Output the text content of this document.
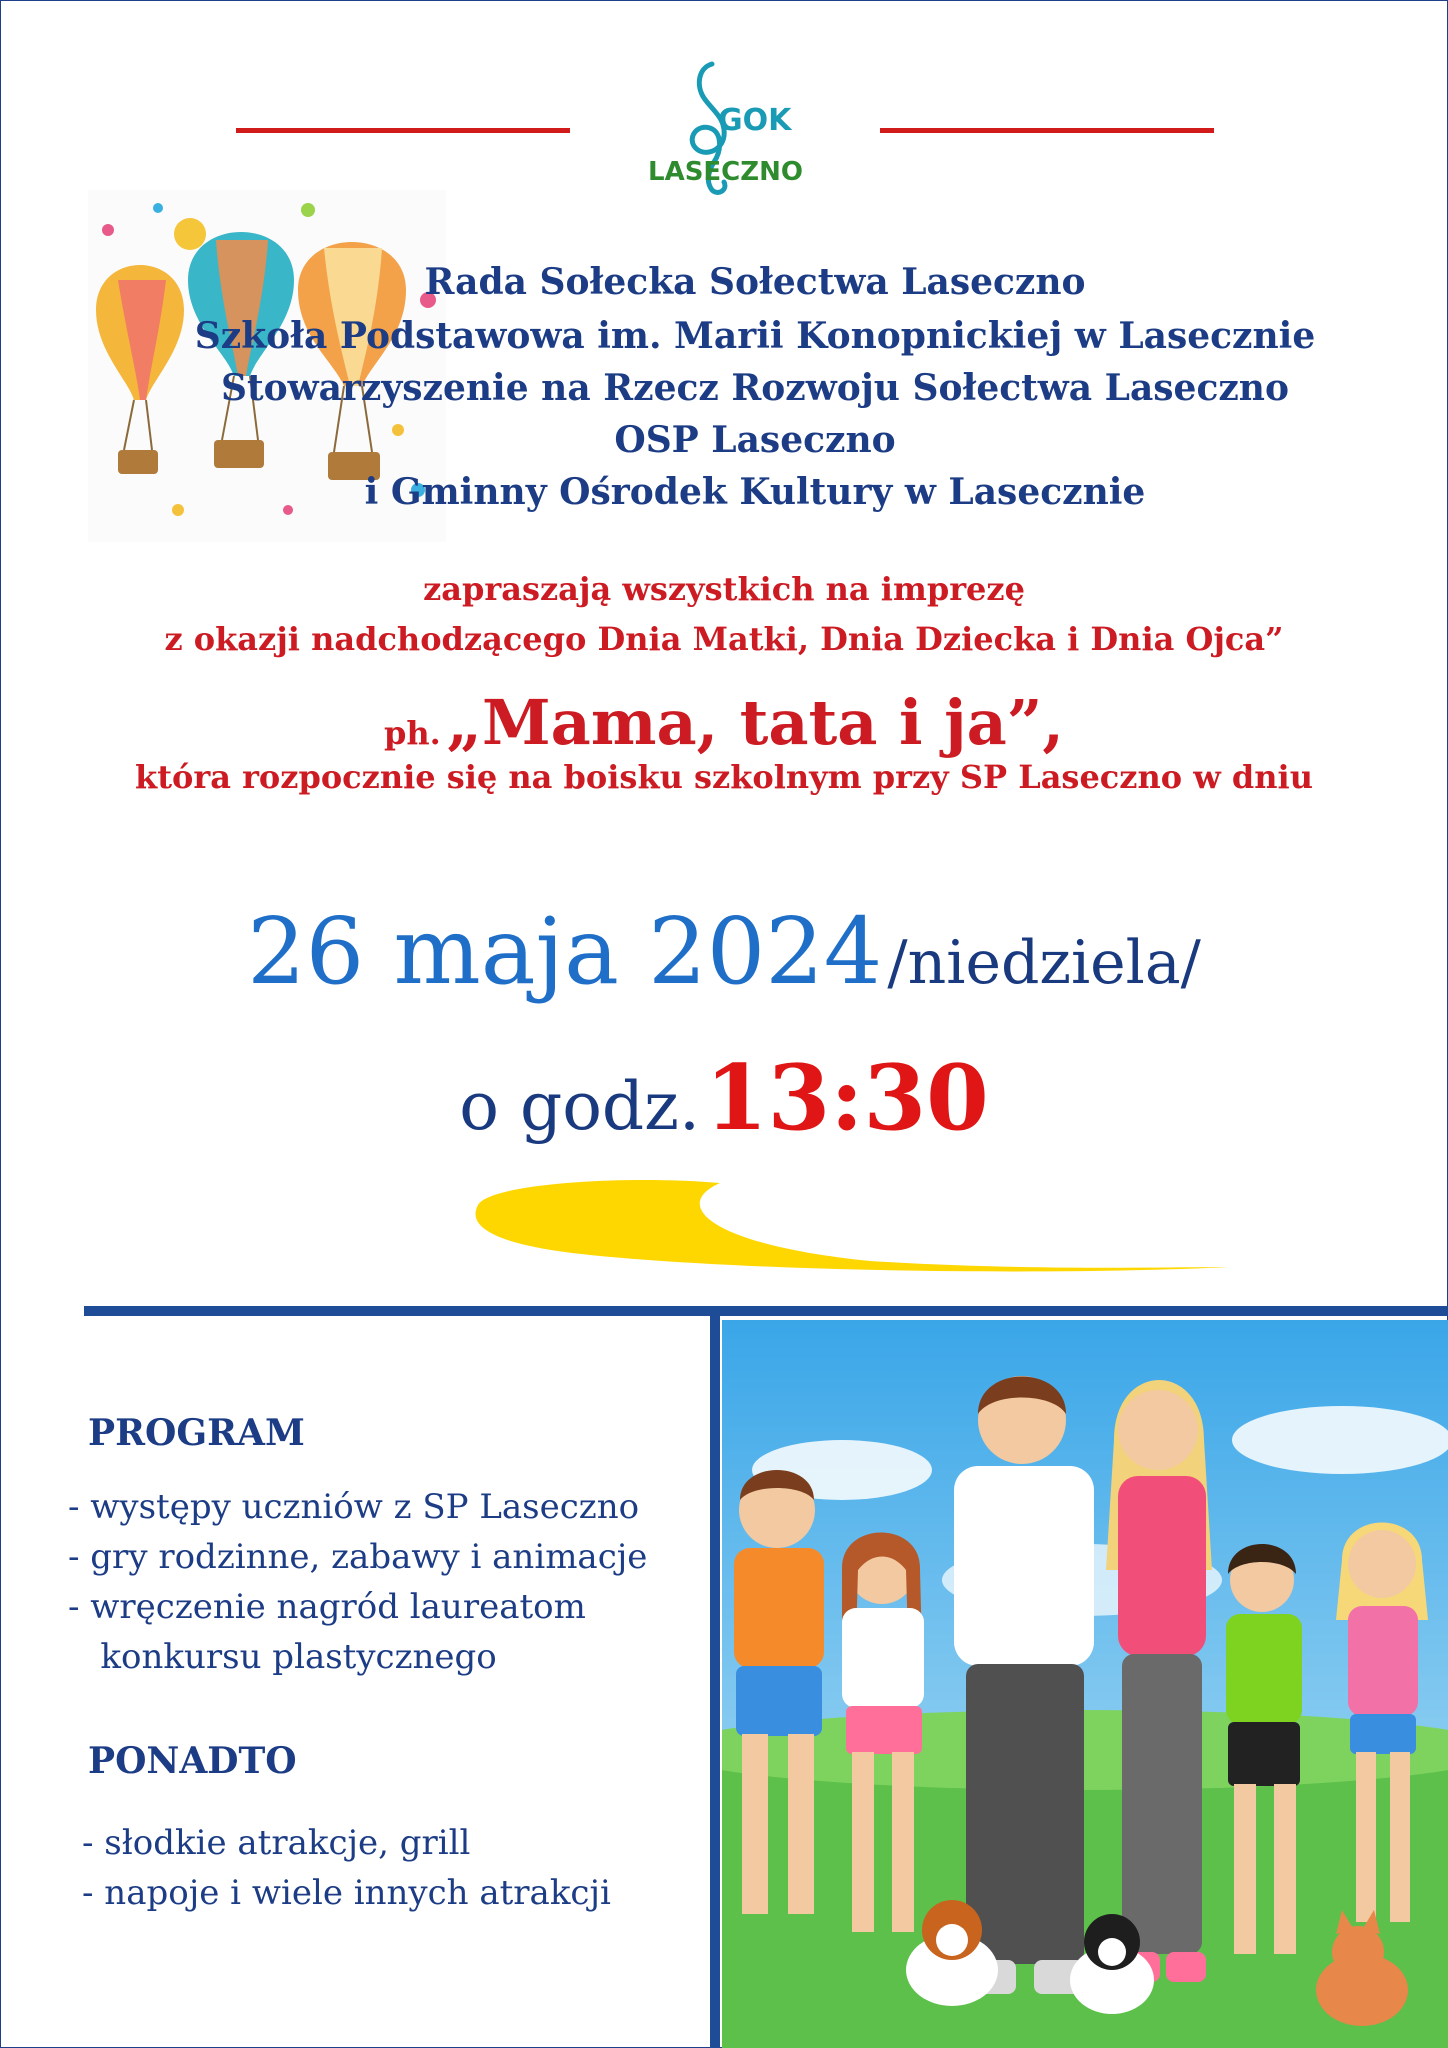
GOK
LASECZNO
Rada Sołecka Sołectwa Laseczno
Szkoła Podstawowa im. Marii Konopnickiej w Lasecznie
Stowarzyszenie na Rzecz Rozwoju Sołectwa Laseczno
OSP Laseczno
i Gminny Ośrodek Kultury w Lasecznie
zapraszają wszystkich na imprezę
z okazji nadchodzącego Dnia Matki, Dnia Dziecka i Dnia Ojca”
ph. „Mama, tata i ja”,
która rozpocznie się na boisku szkolnym przy SP Laseczno w dniu
26 maja 2024 /niedziela/
o godz. 13:30
PROGRAM
- występy uczniów z SP Laseczno
- gry rodzinne, zabawy i animacje
- wręczenie nagród laureatom
konkursu plastycznego
PONADTO
- słodkie atrakcje, grill
- napoje i wiele innych atrakcji
